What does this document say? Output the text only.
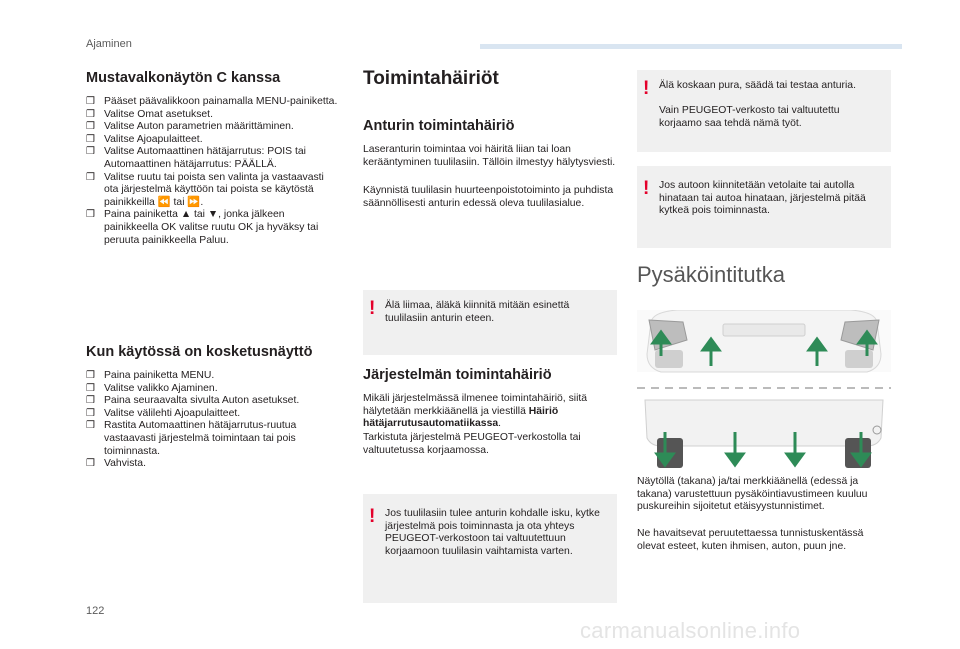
Ajaminen
Mustavalkonäytön C kanssa
❒ Pääset päävalikkoon painamalla MENU-painiketta.
❒ Valitse Omat asetukset.
❒ Valitse Auton parametrien määrittäminen.
❒ Valitse Ajoapulaitteet.
❒ Valitse Automaattinen hätäjarrutus: POIS tai Automaattinen hätäjarrutus: PÄÄLLÄ.
❒ Valitse ruutu tai poista sen valinta ja vastaavasti ota järjestelmä käyttöön tai poista se käytöstä painikkeilla ⏪ tai ⏩.
❒ Paina painiketta ▲ tai ▼, jonka jälkeen painikkeella OK valitse ruutu OK ja hyväksy tai peruuta painikkeella Paluu.
Kun käytössä on kosketusnäyttö
❒ Paina painiketta MENU.
❒ Valitse valikko Ajaminen.
❒ Paina seuraavalta sivulta Auton asetukset.
❒ Valitse välilehti Ajoapulaitteet.
❒ Rastita Automaattinen hätäjarrutus-ruutua vastaavasti järjestelmä toimintaan tai pois toiminnasta.
❒ Vahvista.
Toimintahäiriöt
Anturin toimintahäiriö

Laseranturin toimintaa voi häiritä liian tai loan kerääntyminen tuulilasiin. Tällöin ilmestyy hälytysviesti.

Käynnistä tuulilasin huurteenpoistotoiminto ja puhdista säännöllisesti anturin edessä oleva tuulilasialue.

! Älä liimaa, äläkä kiinnitä mitään esinettä tuulilasiin anturin eteen.
Järjestelmän toimintahäiriö

Mikäli järjestelmässä ilmenee toimintahäiriö, siitä hälytetään merkkiäänellä ja viestillä Häiriö hätäjarrutusautomatiikassa.

Tarkistuta järjestelmä PEUGEOT-verkostolla tai valtuutetussa korjaamossa.

! Jos tuulilasiin tulee anturin kohdalle isku, kytke järjestelmä pois toiminnasta ja ota yhteys PEUGEOT-verkostoon tai valtuutettuun korjaamoon tuulilasin vaihtamista varten.
! Älä koskaan pura, säädä tai testaa anturia.
Vain PEUGEOT-verkosto tai valtuutettu korjaamo saa tehdä nämä työt.
! Jos autoon kiinnitetään vetolaite tai autolla hinataan tai autoa hinataan, järjestelmä pitää kytkeä pois toiminnasta.
Pysäköintitutka

Näytöllä (takana) ja/tai merkkiäänellä (edessä ja takana) varustettuun pysäköintiavustimeen kuuluu puskureihin sijoitetut etäisyystunnistimet.

Ne havaitsevat peruutettaessa tunnistuskentässä olevat esteet, kuten ihmisen, auton, puun jne.

122
carmanualsonline.info
